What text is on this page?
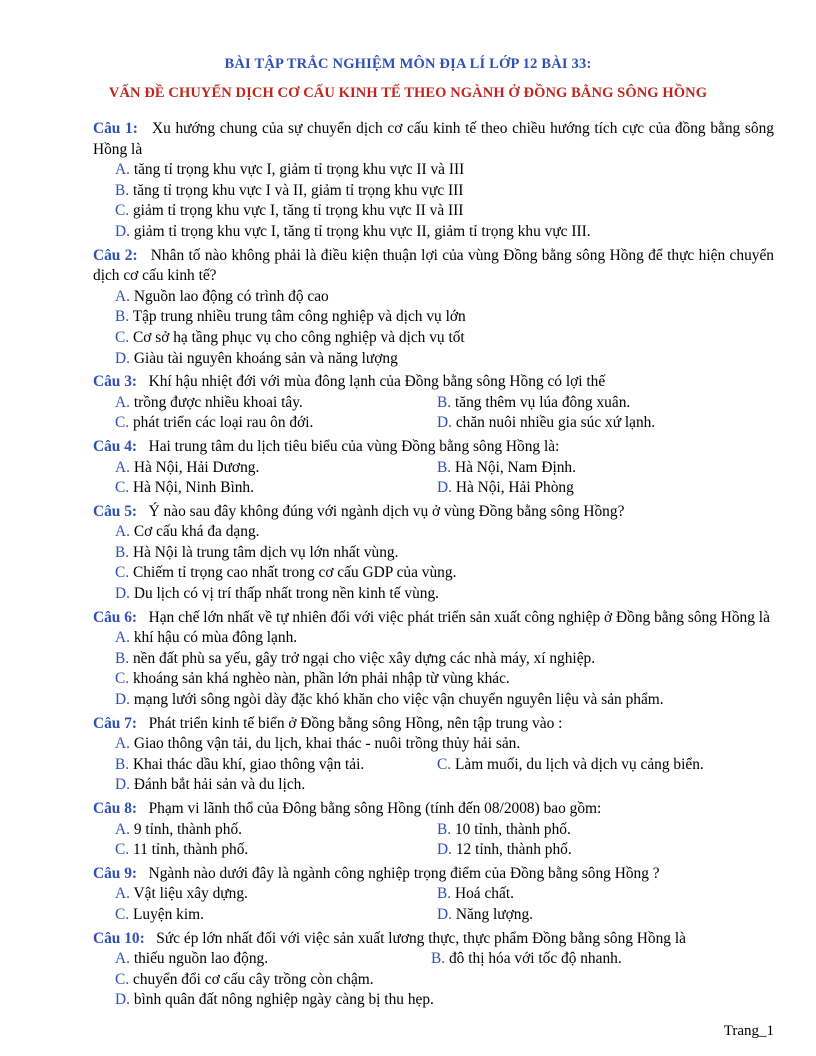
BÀI TẬP TRẮC NGHIỆM MÔN ĐỊA LÍ LỚP 12 BÀI 33:
VẤN ĐỀ CHUYỂN DỊCH CƠ CẤU KINH TẾ THEO NGÀNH Ở ĐỒNG BẰNG SÔNG HỒNG
Câu 1: Xu hướng chung của sự chuyển dịch cơ cấu kinh tế theo chiều hướng tích cực của đồng bằng sông Hồng là
A. tăng tỉ trọng khu vực I, giảm tỉ trọng khu vực II và III
B. tăng tỉ trọng khu vực I và II, giảm tỉ trọng khu vực III
C. giảm tỉ trọng khu vực I, tăng tỉ trọng khu vực II và III
D. giảm tỉ trọng khu vực I, tăng tỉ trọng khu vực II, giảm tỉ trọng khu vực III.
Câu 2: Nhân tố nào không phải là điều kiện thuận lợi của vùng Đồng bằng sông Hồng để thực hiện chuyển dịch cơ cấu kinh tế?
A. Nguồn lao động có trình độ cao
B. Tập trung nhiều trung tâm công nghiệp và dịch vụ lớn
C. Cơ sở hạ tầng phục vụ cho công nghiệp và dịch vụ tốt
D. Giàu tài nguyên khoáng sản và năng lượng
Câu 3: Khí hậu nhiệt đới với mùa đông lạnh của Đồng bằng sông Hồng có lợi thế
A. trồng được nhiều khoai tây.	B. tăng thêm vụ lúa đông xuân.
C. phát triển các loại rau ôn đới.	D. chăn nuôi nhiều gia súc xứ lạnh.
Câu 4: Hai trung tâm du lịch tiêu biểu của vùng Đồng bằng sông Hồng là:
A. Hà Nội, Hải Dương.	B. Hà Nội, Nam Định.
C. Hà Nội, Ninh Bình.	D. Hà Nội, Hải Phòng
Câu 5: Ý nào sau đây không đúng với ngành dịch vụ ở vùng Đồng bằng sông Hồng?
A. Cơ cấu khá đa dạng.
B. Hà Nội là trung tâm dịch vụ lớn nhất vùng.
C. Chiếm tỉ trọng cao nhất trong cơ cấu GDP của vùng.
D. Du lịch có vị trí thấp nhất trong nền kinh tế vùng.
Câu 6: Hạn chế lớn nhất về tự nhiên đối với việc phát triển sản xuất công nghiệp ở Đồng bằng sông Hồng là
A. khí hậu có mùa đông lạnh.
B. nền đất phù sa yếu, gây trở ngại cho việc xây dựng các nhà máy, xí nghiệp.
C. khoáng sản khá nghèo nàn, phần lớn phải nhập từ vùng khác.
D. mạng lưới sông ngòi dày đặc khó khăn cho việc vận chuyển nguyên liệu và sản phẩm.
Câu 7: Phát triển kinh tế biển ở Đồng bằng sông Hồng, nên tập trung vào :
A. Giao thông vận tải, du lịch, khai thác - nuôi trồng thủy hải sản.
B. Khai thác dầu khí, giao thông vận tải.	C. Làm muối, du lịch và dịch vụ cảng biển.
D. Đánh bắt hải sản và du lịch.
Câu 8: Phạm vi lãnh thổ của Đông bằng sông Hồng (tính đến 08/2008) bao gồm:
A. 9 tỉnh, thành phố.	B. 10 tỉnh, thành phố.
C. 11 tỉnh, thành phố.	D. 12 tỉnh, thành phố.
Câu 9: Ngành nào dưới đây là ngành công nghiệp trọng điểm của Đồng bằng sông Hồng ?
A. Vật liệu xây dựng.	B. Hoá chất.
C. Luyện kim.	D. Năng lượng.
Câu 10: Sức ép lớn nhất đối với việc sản xuất lương thực, thực phẩm Đồng bằng sông Hồng là
A. thiếu nguồn lao động.	B. đô thị hóa với tốc độ nhanh.
C. chuyển đổi cơ cấu cây trồng còn chậm.
D. bình quân đất nông nghiệp ngày càng bị thu hẹp.
Trang_1
